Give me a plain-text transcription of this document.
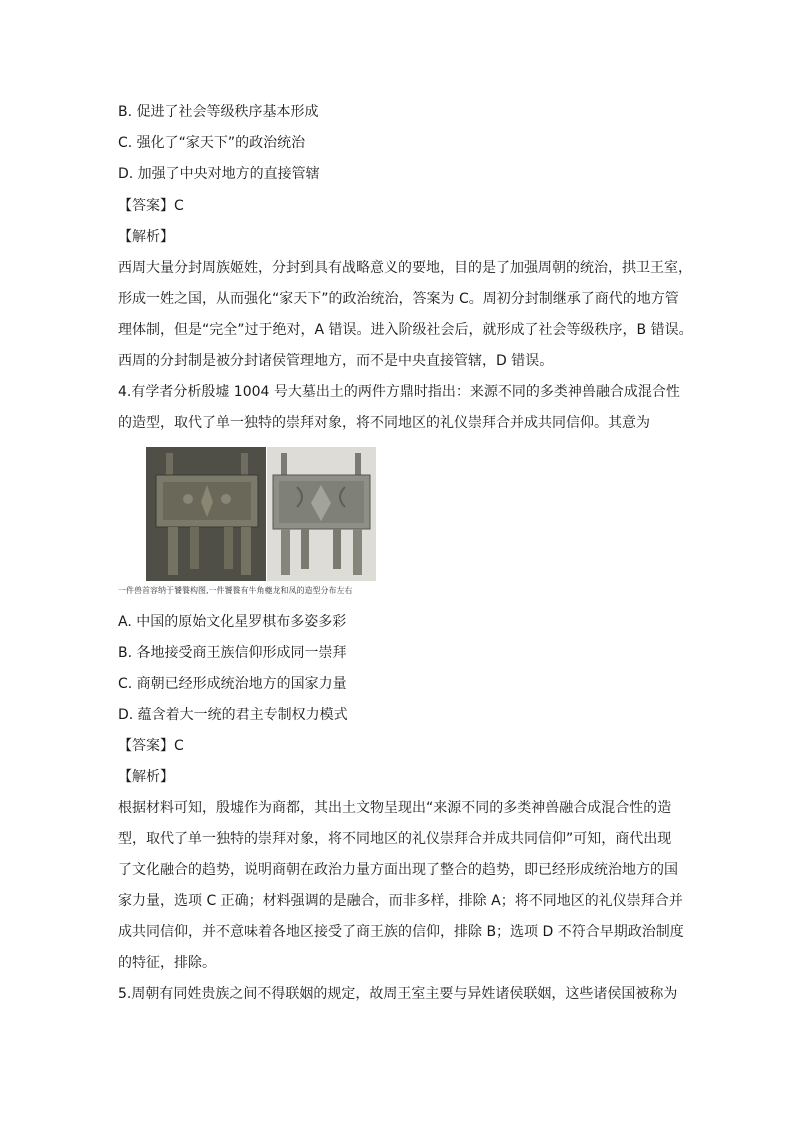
B. 促进了社会等级秩序基本形成
C. 强化了“家天下”的政治统治
D. 加强了中央对地方的直接管辖
【答案】C
【解析】
西周大量分封周族姬姓，分封到具有战略意义的要地，目的是了加强周朝的统治，拱卫王室，
形成一姓之国，从而强化“家天下”的政治统治，答案为 C。周初分封制继承了商代的地方管
理体制，但是“完全”过于绝对，A 错误。进入阶级社会后，就形成了社会等级秩序，B 错误。
西周的分封制是被分封诸侯管理地方，而不是中央直接管辖，D 错误。
4.有学者分析殷墟 1004 号大墓出土的两件方鼎时指出：来源不同的多类神兽融合成混合性
的造型，取代了单一独特的崇拜对象，将不同地区的礼仪崇拜合并成共同信仰。其意为
一件兽首容纳于饕餮构图,一件饕餮有牛角夔龙和凤的造型分布左右
A. 中国的原始文化星罗棋布多姿多彩
B. 各地接受商王族信仰形成同一崇拜
C. 商朝已经形成统治地方的国家力量
D. 蕴含着大一统的君主专制权力模式
【答案】C
【解析】
根据材料可知，殷墟作为商都，其出土文物呈现出“来源不同的多类神兽融合成混合性的造
型，取代了单一独特的崇拜对象，将不同地区的礼仪崇拜合并成共同信仰”可知，商代出现
了文化融合的趋势，说明商朝在政治力量方面出现了整合的趋势，即已经形成统治地方的国
家力量，选项 C 正确；材料强调的是融合，而非多样，排除 A；将不同地区的礼仪崇拜合并
成共同信仰，并不意味着各地区接受了商王族的信仰，排除 B；选项 D 不符合早期政治制度
的特征，排除。
5.周朝有同姓贵族之间不得联姻的规定，故周王室主要与异姓诸侯联姻，这些诸侯国被称为
